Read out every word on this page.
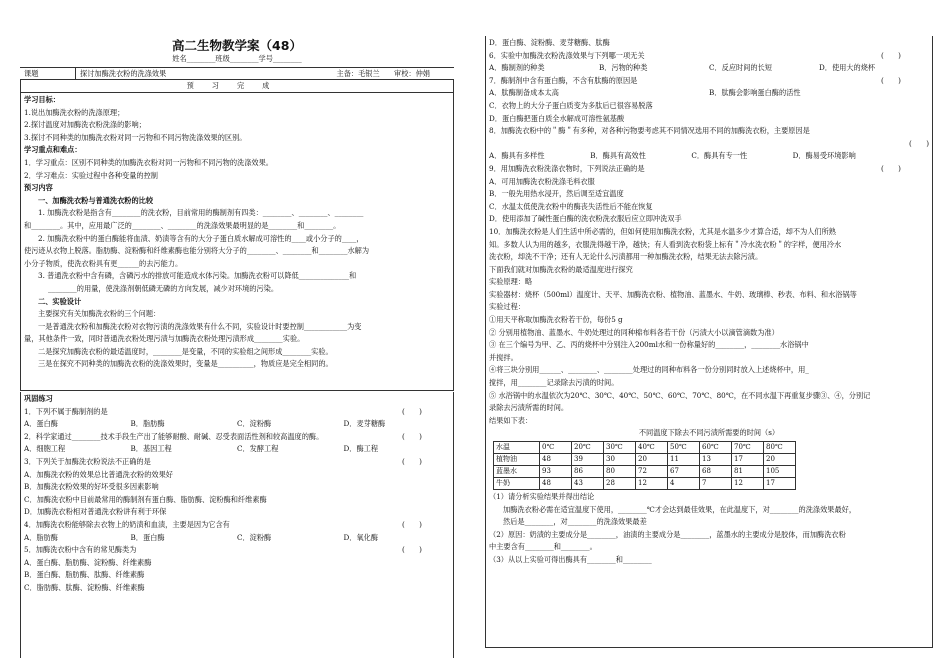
高二生物教学案（48）
姓名________班级________学号________
课题	探讨加酶洗衣粉的洗涤效果	主备：毛银兰　　审校：仲娟
预习完成
学习目标：
1.说出加酶洗衣粉的洗涤原理；
2.探讨温度对加酶洗衣粉洗涤的影响；
3.探讨不同种类的加酶洗衣粉对同一污物和不同污物洗涤效果的区别。
学习重点和难点：
1．学习重点：区别不同种类的加酶洗衣粉对同一污物和不同污物的洗涤效果。
2．学习难点：实验过程中各种变量的控制
预习内容
一、加酶洗衣粉与普通洗衣粉的比较
1. 加酶洗衣粉是指含有________的洗衣粉，目前常用的酶制剂有四类：________、________、________
和________。其中，应用最广泛的________、________的洗涤效果最明显的是________和________。
2. 加酶洗衣粉中的蛋白酶能将血渍、奶渍等含有的大分子蛋白质水解成可溶性的____或小分子的____，
使污迹从衣物上脱落。脂肪酶、淀粉酶和纤维素酶也能分别将大分子的________、________和________水解为
小分子物质，使洗衣粉具有更______的去污能力。
3. 普通洗衣粉中含有磷，含磷污水的排放可能造成水体污染。加酶洗衣粉可以降低______________和
________的用量，使洗涤剂朝低磷无磷的方向发展，减少对环境的污染。
二、实验设计
主要探究有关加酶洗衣粉的三个问题：
一是普通洗衣粉和加酶洗衣粉对衣物污渍的洗涤效果有什么不同，实验设计时要控制____________为变
量，其他条件一致，同时普通洗衣粉处理污渍与加酶洗衣粉处理污渍形成________实验。
二是探究加酶洗衣粉的最适温度时，________是变量，不同的实验组之间形成________实验。
三是在探究不同种类的加酶洗衣粉的洗涤效果时，变量是__________，物质应是完全相同的。
巩固练习
(　　)
1．下列不属于酶制剂的是
A．蛋白酶	B．脂肪酶	C．淀粉酶	D．麦芽糖酶
(　　)
2．科学家通过________技术手段生产出了能够耐酸、耐碱、忍受表面活性剂和较高温度的酶。
A．细胞工程	B．基因工程	C．发酵工程	D．酶工程
(　　)
3．下列关于加酶洗衣粉说法不正确的是
A．加酶洗衣粉的效果总比普通洗衣粉的效果好
B．加酶洗衣粉效果的好坏受很多因素影响
C．加酶洗衣粉中目前最常用的酶制剂有蛋白酶、脂肪酶、淀粉酶和纤维素酶
D．加酶洗衣粉相对普通洗衣粉讲有利于环保
(　　)
4．加酶洗衣粉能够除去衣物上的奶渍和血渍，主要是因为它含有
A．脂肪酶	B．蛋白酶	C．淀粉酶	D．氧化酶
(　　)
5．加酶洗衣粉中含有的常见酶类为
A．蛋白酶、脂肪酶、淀粉酶、纤维素酶
B．蛋白酶、脂肪酶、肽酶、纤维素酶
C．脂肪酶、肽酶、淀粉酶、纤维素酶
D．蛋白酶、淀粉酶、麦芽糖酶、肽酶
(　　)
6．实验中加酶洗衣粉洗涤效果与下列哪一项无关
A．酶制剂的种类	B．污物的种类	C．反应时间的长短	D．使用大的烧杯
(　　)
7．酶制剂中含有蛋白酶，不含有肽酶的原因是
A．肽酶制备成本太高	B．肽酶会影响蛋白酶的活性
C．衣物上的大分子蛋白质变为多肽后已很容易脱落
D．蛋白酶把蛋白质全水解成可溶性氨基酸
8．加酶洗衣粉中的＂酶＂有多种，对各种污物要考虑其不同情况选用不同的加酶洗衣粉，主要原因是
(　　)
A．酶具有多样性	B．酶具有高效性	C．酶具有专一性	D．酶易受环境影响
(　　)
9．用加酶洗衣粉洗涤衣物时，下列说法正确的是
A．可用加酶洗衣粉洗涤毛料衣服
B．一般先用热水浸开，然后调至适宜温度
C．水温太低使洗衣粉中的酶丧失活性后不能在恢复
D．使用添加了碱性蛋白酶的洗衣粉洗衣服后应立即冲洗双手
10．加酶洗衣粉是人们生活中所必需的，但如何使用加酶洗衣粉，尤其是水温多少才算合适，却不为人们所熟
知。多数人认为用的越多，衣服洗得越干净，越快；有人看到洗衣粉袋上标有＂冷水洗衣粉＂的字样，便用冷水
洗衣粉，却洗不干净；还有人无论什么污渍都用一种加酶洗衣粉，结果无法去除污渍。
下面我们就对加酶洗衣粉的最适温度进行探究
实验原理：略
实验器材：烧杯（500ml）温度计、天平、加酶洗衣粉、植物油、蓝墨水、牛奶、玻璃棒、秒表、布料、和水浴锅等
实验过程：
①用天平称取加酶洗衣粉若干份，每份5 g
② 分别用植物油、蓝墨水、牛奶处理过的同种棉布料各若干份（污渍大小以滴管滴数为准）
③ 在三个编号为甲、乙、丙的烧杯中分别注入200ml水和一份称量好的________，________水浴锅中
并搅拌。
④将三块分别用______、________、________处理过的同种布料各一份分别同时放入上述烧杯中，用_
搅拌，用________记录除去污渍的时间。
⑤ 水浴锅中的水温依次为20℃、30℃、40℃、50℃、60℃、70℃、80℃，在不同水温下再重复步骤③、④，分别记
录除去污渍所需的时间。
结果如下表：
不同温度下除去不同污渍所需要的时间（s）
水温	0℃	20℃	30℃	40℃	50℃	60℃	70℃	80℃
植物油	48	39	30	20	11	13	17	20
蓝墨水	93	86	80	72	67	68	81	105
牛奶	48	43	28	12	4	7	12	17
（1）请分析实验结果并得出结论
加酶洗衣粉必需在适宜温度下使用，________℃才会达到最佳效果，在此温度下，对________的洗涤效果最好，
然后是________，对________的洗涤效果最差
（2）原因：奶渍的主要成分是________，油渍的主要成分是________，蓝墨水的主要成分是胶体，而加酶洗衣粉
中主要含有________和________。
（3）从以上实验可得出酶具有________和________
